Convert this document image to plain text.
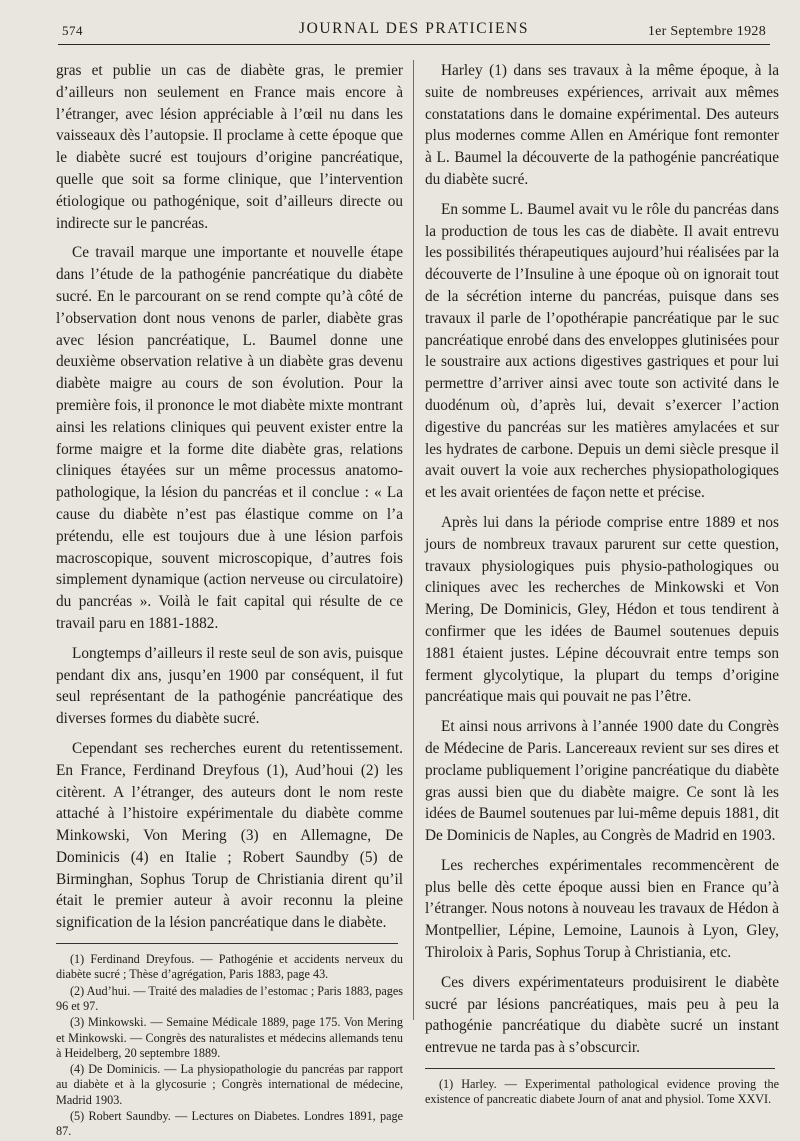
574	JOURNAL DES PRATICIENS	1er Septembre 1928

gras et publie un cas de diabète gras, le premier d’ailleurs non seulement en France mais encore à l’étranger, avec lésion appréciable à l’œil nu dans les vaisseaux dès l’autopsie. Il proclame à cette époque que le diabète sucré est toujours d’origine pancréatique, quelle que soit sa forme clinique, que l’intervention étiologique ou pathogénique, soit d’ailleurs directe ou indirecte sur le pancréas.

Ce travail marque une importante et nouvelle étape dans l’étude de la pathogénie pancréatique du diabète sucré. En le parcourant on se rend compte qu’à côté de l’observation dont nous venons de parler, diabète gras avec lésion pancréatique, L. Baumel donne une deuxième observation relative à un diabète gras devenu diabète maigre au cours de son évolution. Pour la première fois, il prononce le mot diabète mixte montrant ainsi les relations cliniques qui peuvent exister entre la forme maigre et la forme dite diabète gras, relations cliniques étayées sur un même processus anatomo-pathologique, la lésion du pancréas et il conclue : « La cause du diabète n’est pas élastique comme on l’a prétendu, elle est toujours due à une lésion parfois macroscopique, souvent microscopique, d’autres fois simplement dynamique (action nerveuse ou circulatoire) du pancréas ». Voilà le fait capital qui résulte de ce travail paru en 1881-1882.

Longtemps d’ailleurs il reste seul de son avis, puisque pendant dix ans, jusqu’en 1900 par conséquent, il fut seul représentant de la pathogénie pancréatique des diverses formes du diabète sucré.

Cependant ses recherches eurent du retentissement. En France, Ferdinand Dreyfous (1), Aud’houi (2) les citèrent. A l’étranger, des auteurs dont le nom reste attaché à l’histoire expérimentale du diabète comme Minkowski, Von Mering (3) en Allemagne, De Dominicis (4) en Italie ; Robert Saundby (5) de Birminghan, Sophus Torup de Christiania dirent qu’il était le premier auteur à avoir reconnu la pleine signification de la lésion pancréatique dans le diabète.

(1) Ferdinand Dreyfous. — Pathogénie et accidents nerveux du diabète sucré ; Thèse d’agrégation, Paris 1883, page 43.

(2) Aud’hui. — Traité des maladies de l’estomac ; Paris 1883, pages 96 et 97.

(3) Minkowski. — Semaine Médicale 1889, page 175. Von Mering et Minkowski. — Congrès des naturalistes et médecins allemands tenu à Heidelberg, 20 septembre 1889.

(4) De Dominicis. — La physiopathologie du pancréas par rapport au diabète et à la glycosurie ; Congrès international de médecine, Madrid 1903.

(5) Robert Saundby. — Lectures on Diabetes. Londres 1891, page 87.

Harley (1) dans ses travaux à la même époque, à la suite de nombreuses expériences, arrivait aux mêmes constatations dans le domaine expérimental. Des auteurs plus modernes comme Allen en Amérique font remonter à L. Baumel la découverte de la pathogénie pancréatique du diabète sucré.

En somme L. Baumel avait vu le rôle du pancréas dans la production de tous les cas de diabète. Il avait entrevu les possibilités thérapeutiques aujourd’hui réalisées par la découverte de l’Insuline à une époque où on ignorait tout de la sécrétion interne du pancréas, puisque dans ses travaux il parle de l’opothérapie pancréatique par le suc pancréatique enrobé dans des enveloppes glutinisées pour le soustraire aux actions digestives gastriques et pour lui permettre d’arriver ainsi avec toute son activité dans le duodénum où, d’après lui, devait s’exercer l’action digestive du pancréas sur les matières amylacées et sur les hydrates de carbone. Depuis un demi siècle presque il avait ouvert la voie aux recherches physiopathologiques et les avait orientées de façon nette et précise.

Après lui dans la période comprise entre 1889 et nos jours de nombreux travaux parurent sur cette question, travaux physiologiques puis physio-pathologiques ou cliniques avec les recherches de Minkowski et Von Mering, De Dominicis, Gley, Hédon et tous tendirent à confirmer que les idées de Baumel soutenues depuis 1881 étaient justes. Lépine découvrait entre temps son ferment glycolytique, la plupart du temps d’origine pancréatique mais qui pouvait ne pas l’être.

Et ainsi nous arrivons à l’année 1900 date du Congrès de Médecine de Paris. Lancereaux revient sur ses dires et proclame publiquement l’origine pancréatique du diabète gras aussi bien que du diabète maigre. Ce sont là les idées de Baumel soutenues par lui-même depuis 1881, dit De Dominicis de Naples, au Congrès de Madrid en 1903.

Les recherches expérimentales recommencèrent de plus belle dès cette époque aussi bien en France qu’à l’étranger. Nous notons à nouveau les travaux de Hédon à Montpellier, Lépine, Lemoine, Launois à Lyon, Gley, Thiroloix à Paris, Sophus Torup à Christiania, etc.

Ces divers expérimentateurs produisirent le diabète sucré par lésions pancréatiques, mais peu à peu la pathogénie pancréatique du diabète sucré un instant entrevue ne tarda pas à s’obscurcir.

(1) Harley. — Experimental pathological evidence proving the existence of pancreatic diabete Journ of anat and physiol. Tome XXVI.
